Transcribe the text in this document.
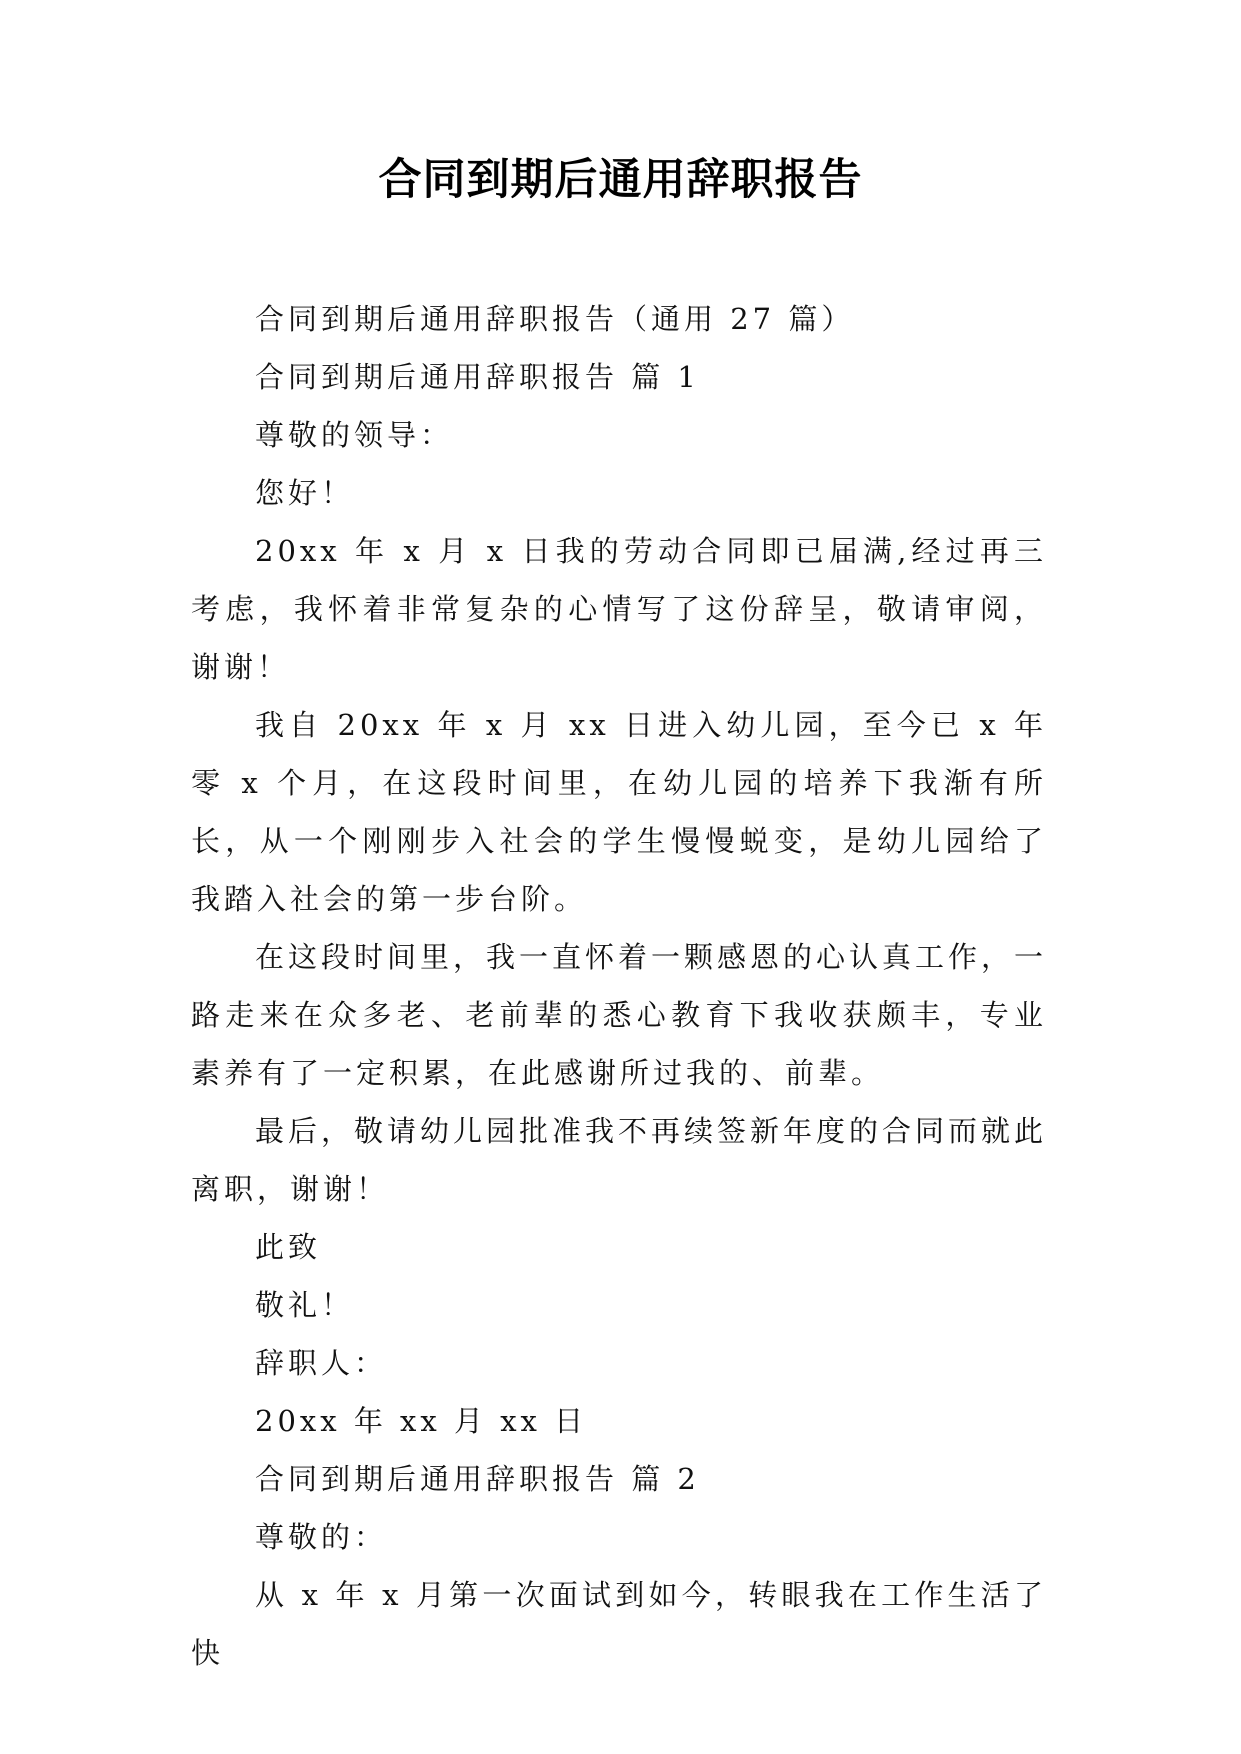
合同到期后通用辞职报告

合同到期后通用辞职报告（通用 27 篇）

合同到期后通用辞职报告 篇 1

尊敬的领导：

您好！

20xx 年 x 月 x 日我的劳动合同即已届满,经过再三考虑，我怀着非常复杂的心情写了这份辞呈，敬请审阅，谢谢！

我自 20xx 年 x 月 xx 日进入幼儿园，至今已 x 年零 x 个月，在这段时间里，在幼儿园的培养下我渐有所长，从一个刚刚步入社会的学生慢慢蜕变，是幼儿园给了我踏入社会的第一步台阶。

在这段时间里，我一直怀着一颗感恩的心认真工作，一路走来在众多老、老前辈的悉心教育下我收获颇丰，专业素养有了一定积累，在此感谢所过我的、前辈。

最后，敬请幼儿园批准我不再续签新年度的合同而就此离职，谢谢！

此致

敬礼！

辞职人：

20xx 年 xx 月 xx 日

合同到期后通用辞职报告 篇 2

尊敬的：

从 x 年 x 月第一次面试到如今，转眼我在工作生活了快
